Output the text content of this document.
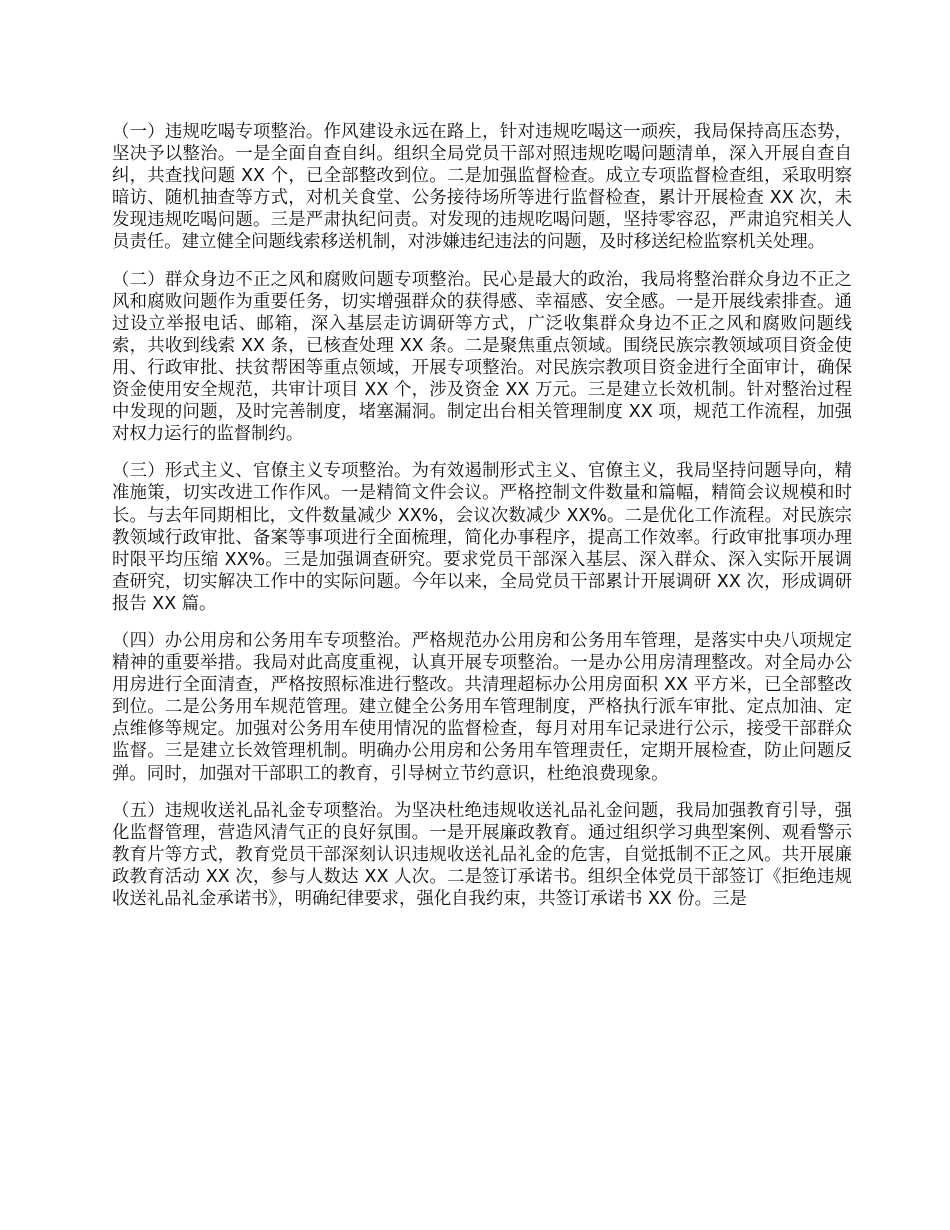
（一）违规吃喝专项整治。作风建设永远在路上，针对违规吃喝这一顽疾，我局保持高压态势，坚决予以整治。一是全面自查自纠。组织全局党员干部对照违规吃喝问题清单，深入开展自查自纠，共查找问题 XX 个，已全部整改到位。二是加强监督检查。成立专项监督检查组，采取明察暗访、随机抽查等方式，对机关食堂、公务接待场所等进行监督检查，累计开展检查 XX 次，未发现违规吃喝问题。三是严肃执纪问责。对发现的违规吃喝问题，坚持零容忍，严肃追究相关人员责任。建立健全问题线索移送机制，对涉嫌违纪违法的问题，及时移送纪检监察机关处理。

（二）群众身边不正之风和腐败问题专项整治。民心是最大的政治，我局将整治群众身边不正之风和腐败问题作为重要任务，切实增强群众的获得感、幸福感、安全感。一是开展线索排查。通过设立举报电话、邮箱，深入基层走访调研等方式，广泛收集群众身边不正之风和腐败问题线索，共收到线索 XX 条，已核查处理 XX 条。二是聚焦重点领域。围绕民族宗教领域项目资金使用、行政审批、扶贫帮困等重点领域，开展专项整治。对民族宗教项目资金进行全面审计，确保资金使用安全规范，共审计项目 XX 个，涉及资金 XX 万元。三是建立长效机制。针对整治过程中发现的问题，及时完善制度，堵塞漏洞。制定出台相关管理制度 XX 项，规范工作流程，加强对权力运行的监督制约。

（三）形式主义、官僚主义专项整治。为有效遏制形式主义、官僚主义，我局坚持问题导向，精准施策，切实改进工作作风。一是精简文件会议。严格控制文件数量和篇幅，精简会议规模和时长。与去年同期相比，文件数量减少 XX%，会议次数减少 XX%。二是优化工作流程。对民族宗教领域行政审批、备案等事项进行全面梳理，简化办事程序，提高工作效率。行政审批事项办理时限平均压缩 XX%。三是加强调查研究。要求党员干部深入基层、深入群众、深入实际开展调查研究，切实解决工作中的实际问题。今年以来，全局党员干部累计开展调研 XX 次，形成调研报告 XX 篇。

（四）办公用房和公务用车专项整治。严格规范办公用房和公务用车管理，是落实中央八项规定精神的重要举措。我局对此高度重视，认真开展专项整治。一是办公用房清理整改。对全局办公用房进行全面清查，严格按照标准进行整改。共清理超标办公用房面积 XX 平方米，已全部整改到位。二是公务用车规范管理。建立健全公务用车管理制度，严格执行派车审批、定点加油、定点维修等规定。加强对公务用车使用情况的监督检查，每月对用车记录进行公示，接受干部群众监督。三是建立长效管理机制。明确办公用房和公务用车管理责任，定期开展检查，防止问题反弹。同时，加强对干部职工的教育，引导树立节约意识，杜绝浪费现象。

（五）违规收送礼品礼金专项整治。为坚决杜绝违规收送礼品礼金问题，我局加强教育引导，强化监督管理，营造风清气正的良好氛围。一是开展廉政教育。通过组织学习典型案例、观看警示教育片等方式，教育党员干部深刻认识违规收送礼品礼金的危害，自觉抵制不正之风。共开展廉政教育活动 XX 次，参与人数达 XX 人次。二是签订承诺书。组织全体党员干部签订《拒绝违规收送礼品礼金承诺书》，明确纪律要求，强化自我约束，共签订承诺书 XX 份。三是
